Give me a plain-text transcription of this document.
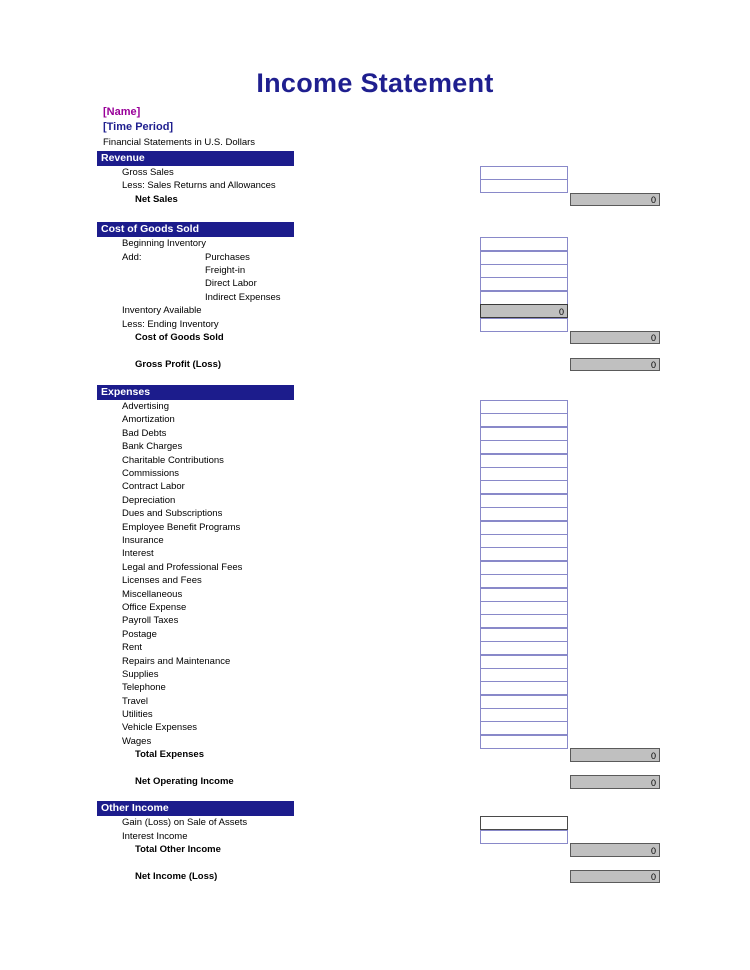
Income Statement
[Name]
[Time Period]
Financial Statements in U.S. Dollars
Revenue
Gross Sales
Less: Sales Returns and Allowances
Net Sales	0
Cost of Goods Sold
Beginning Inventory
Add:	Purchases
Freight-in
Direct Labor
Indirect Expenses
Inventory Available	0
Less: Ending Inventory
Cost of Goods Sold	0
Gross Profit (Loss)	0
Expenses
Advertising
Amortization
Bad Debts
Bank Charges
Charitable Contributions
Commissions
Contract Labor
Depreciation
Dues and Subscriptions
Employee Benefit Programs
Insurance
Interest
Legal and Professional Fees
Licenses and Fees
Miscellaneous
Office Expense
Payroll Taxes
Postage
Rent
Repairs and Maintenance
Supplies
Telephone
Travel
Utilities
Vehicle Expenses
Wages
Total Expenses	0
Net Operating Income	0
Other Income
Gain (Loss) on Sale of Assets
Interest Income
Total Other Income	0
Net Income (Loss)	0
